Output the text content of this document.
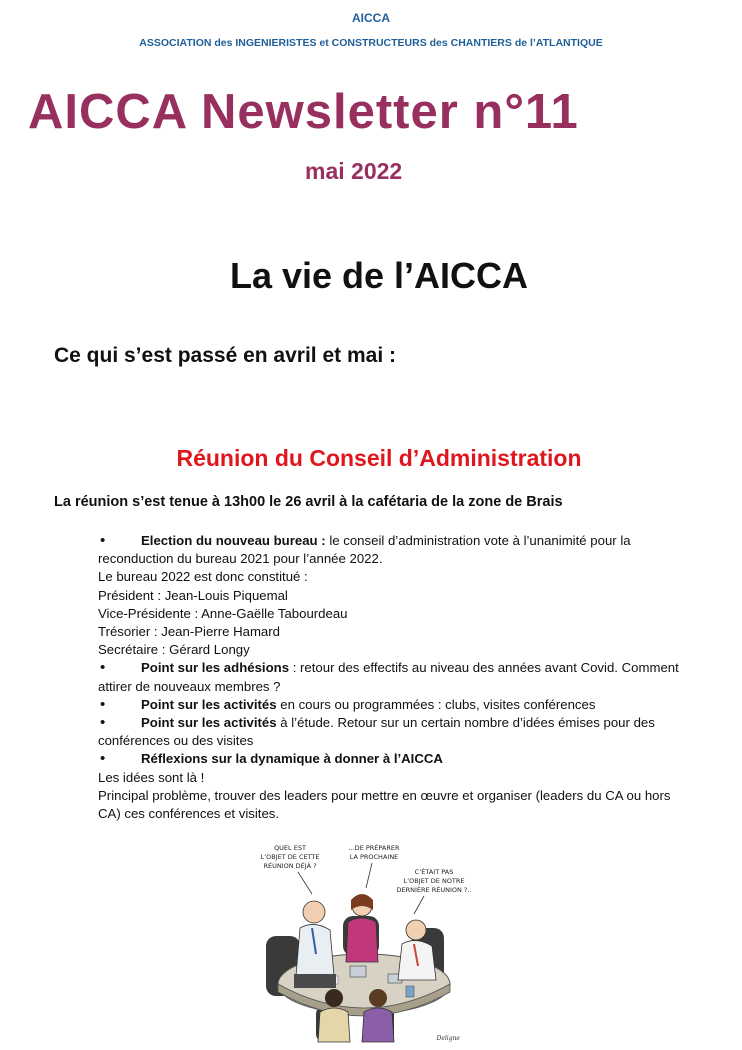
AICCA
ASSOCIATION des INGENIERISTES et CONSTRUCTEURS des CHANTIERS de l’ATLANTIQUE
AICCA Newsletter n°11
mai 2022
La vie de l’AICCA
Ce qui s’est passé en avril et mai :
Réunion du Conseil d’Administration
La réunion s’est tenue à 13h00 le 26 avril à la cafétaria de la zone de Brais
•Election du nouveau bureau : le conseil d’administration vote à l’unanimité pour la
reconduction du bureau 2021 pour l’année 2022.
Le bureau 2022 est donc constitué :
Président : Jean-Louis Piquemal
Vice-Présidente : Anne-Gaëlle Tabourdeau
Trésorier : Jean-Pierre Hamard
Secrétaire : Gérard Longy
•Point sur les adhésions : retour des effectifs au niveau des années avant Covid. Comment
attirer de nouveaux membres ?
•Point sur les activités en cours ou programmées : clubs, visites conférences
•Point sur les activités à l’étude. Retour sur un certain nombre d’idées émises pour des
conférences ou des visites
•Réflexions sur la dynamique à donner à l’AICCA
Les idées sont là !
Principal problème, trouver des leaders pour mettre en œuvre et organiser (leaders du CA ou hors
CA) ces conférences et visites.
QUEL EST
L’OBJET DE CETTE
RÉUNION DÉJÀ ?
...DE PRÉPARER
LA PROCHAINE
C’ÉTAIT PAS
L’OBJET DE NOTRE
DERNIÈRE RÉUNION ?..
Deligne
